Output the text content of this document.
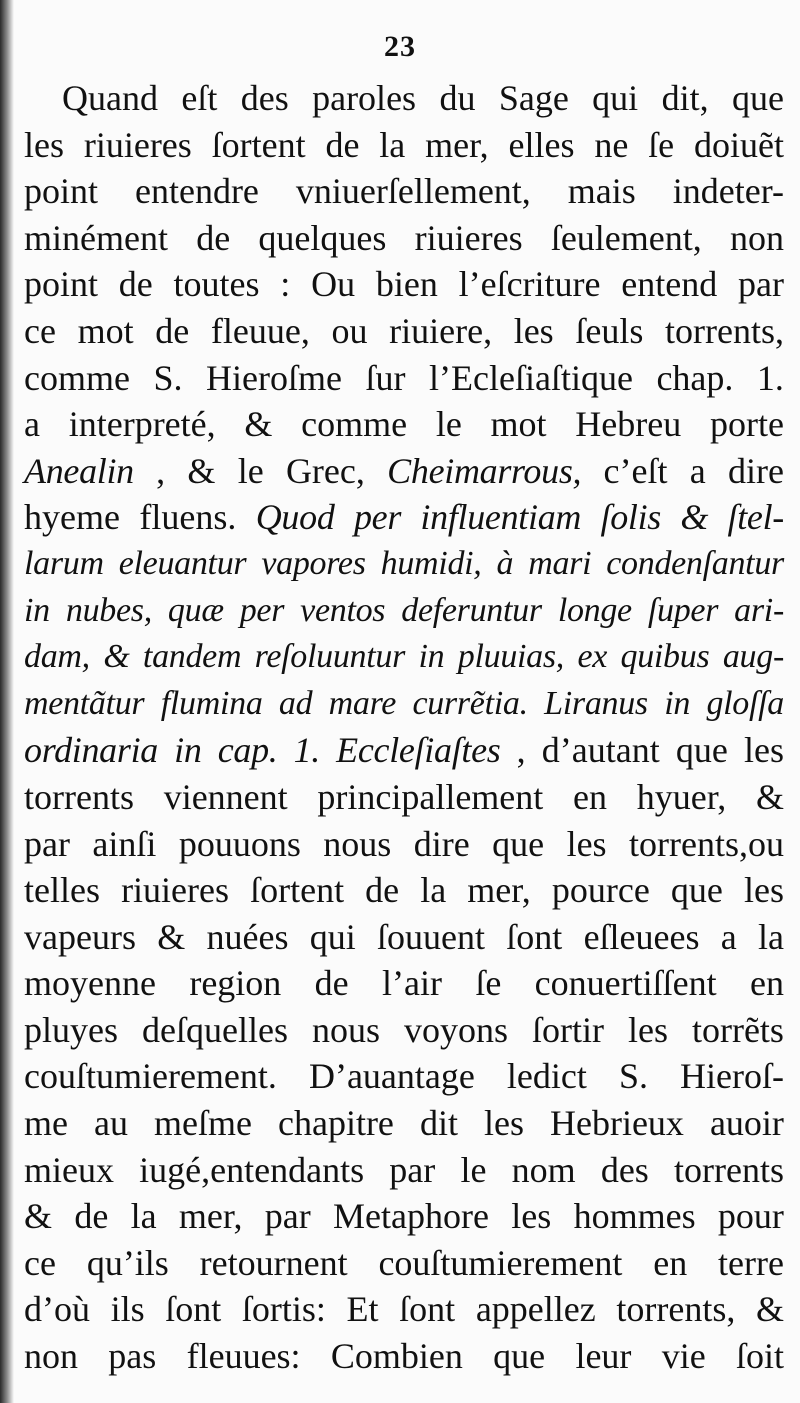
23
Quand eſt des paroles du Sage qui dit, que
les riuieres ſortent de la mer, elles ne ſe doiuẽt
point entendre vniuerſellement, mais indeter-
minément de quelques riuieres ſeulement, non
point de toutes : Ou bien l’eſcriture entend par
ce mot de fleuue, ou riuiere, les ſeuls torrents,
comme S. Hieroſme ſur l’Ecleſiaſtique chap. 1.
a interpreté, & comme le mot Hebreu porte
Anealin , & le Grec, Cheimarrous, c’eſt a dire
hyeme fluens. Quod per influentiam ſolis & ſtel-
larum eleuantur vapores humidi, à mari condenſantur
in nubes, quæ per ventos deferuntur longe ſuper ari-
dam, & tandem reſoluuntur in pluuias, ex quibus aug-
mentãtur flumina ad mare currẽtia. Liranus in gloſſa
ordinaria in cap. 1. Eccleſiaſtes , d’autant que les
torrents viennent principallement en hyuer, &
par ainſi pouuons nous dire que les torrents,ou
telles riuieres ſortent de la mer, pource que les
vapeurs & nuées qui ſouuent ſont eſleuees a la
moyenne region de l’air ſe conuertiſſent en
pluyes deſquelles nous voyons ſortir les torrẽts
couſtumierement. D’auantage ledict S. Hieroſ-
me au meſme chapitre dit les Hebrieux auoir
mieux iugé,entendants par le nom des torrents
& de la mer, par Metaphore les hommes pour
ce qu’ils retournent couſtumierement en terre
d’où ils ſont ſortis: Et ſont appellez torrents, &
non pas fleuues: Combien que leur vie ſoit
